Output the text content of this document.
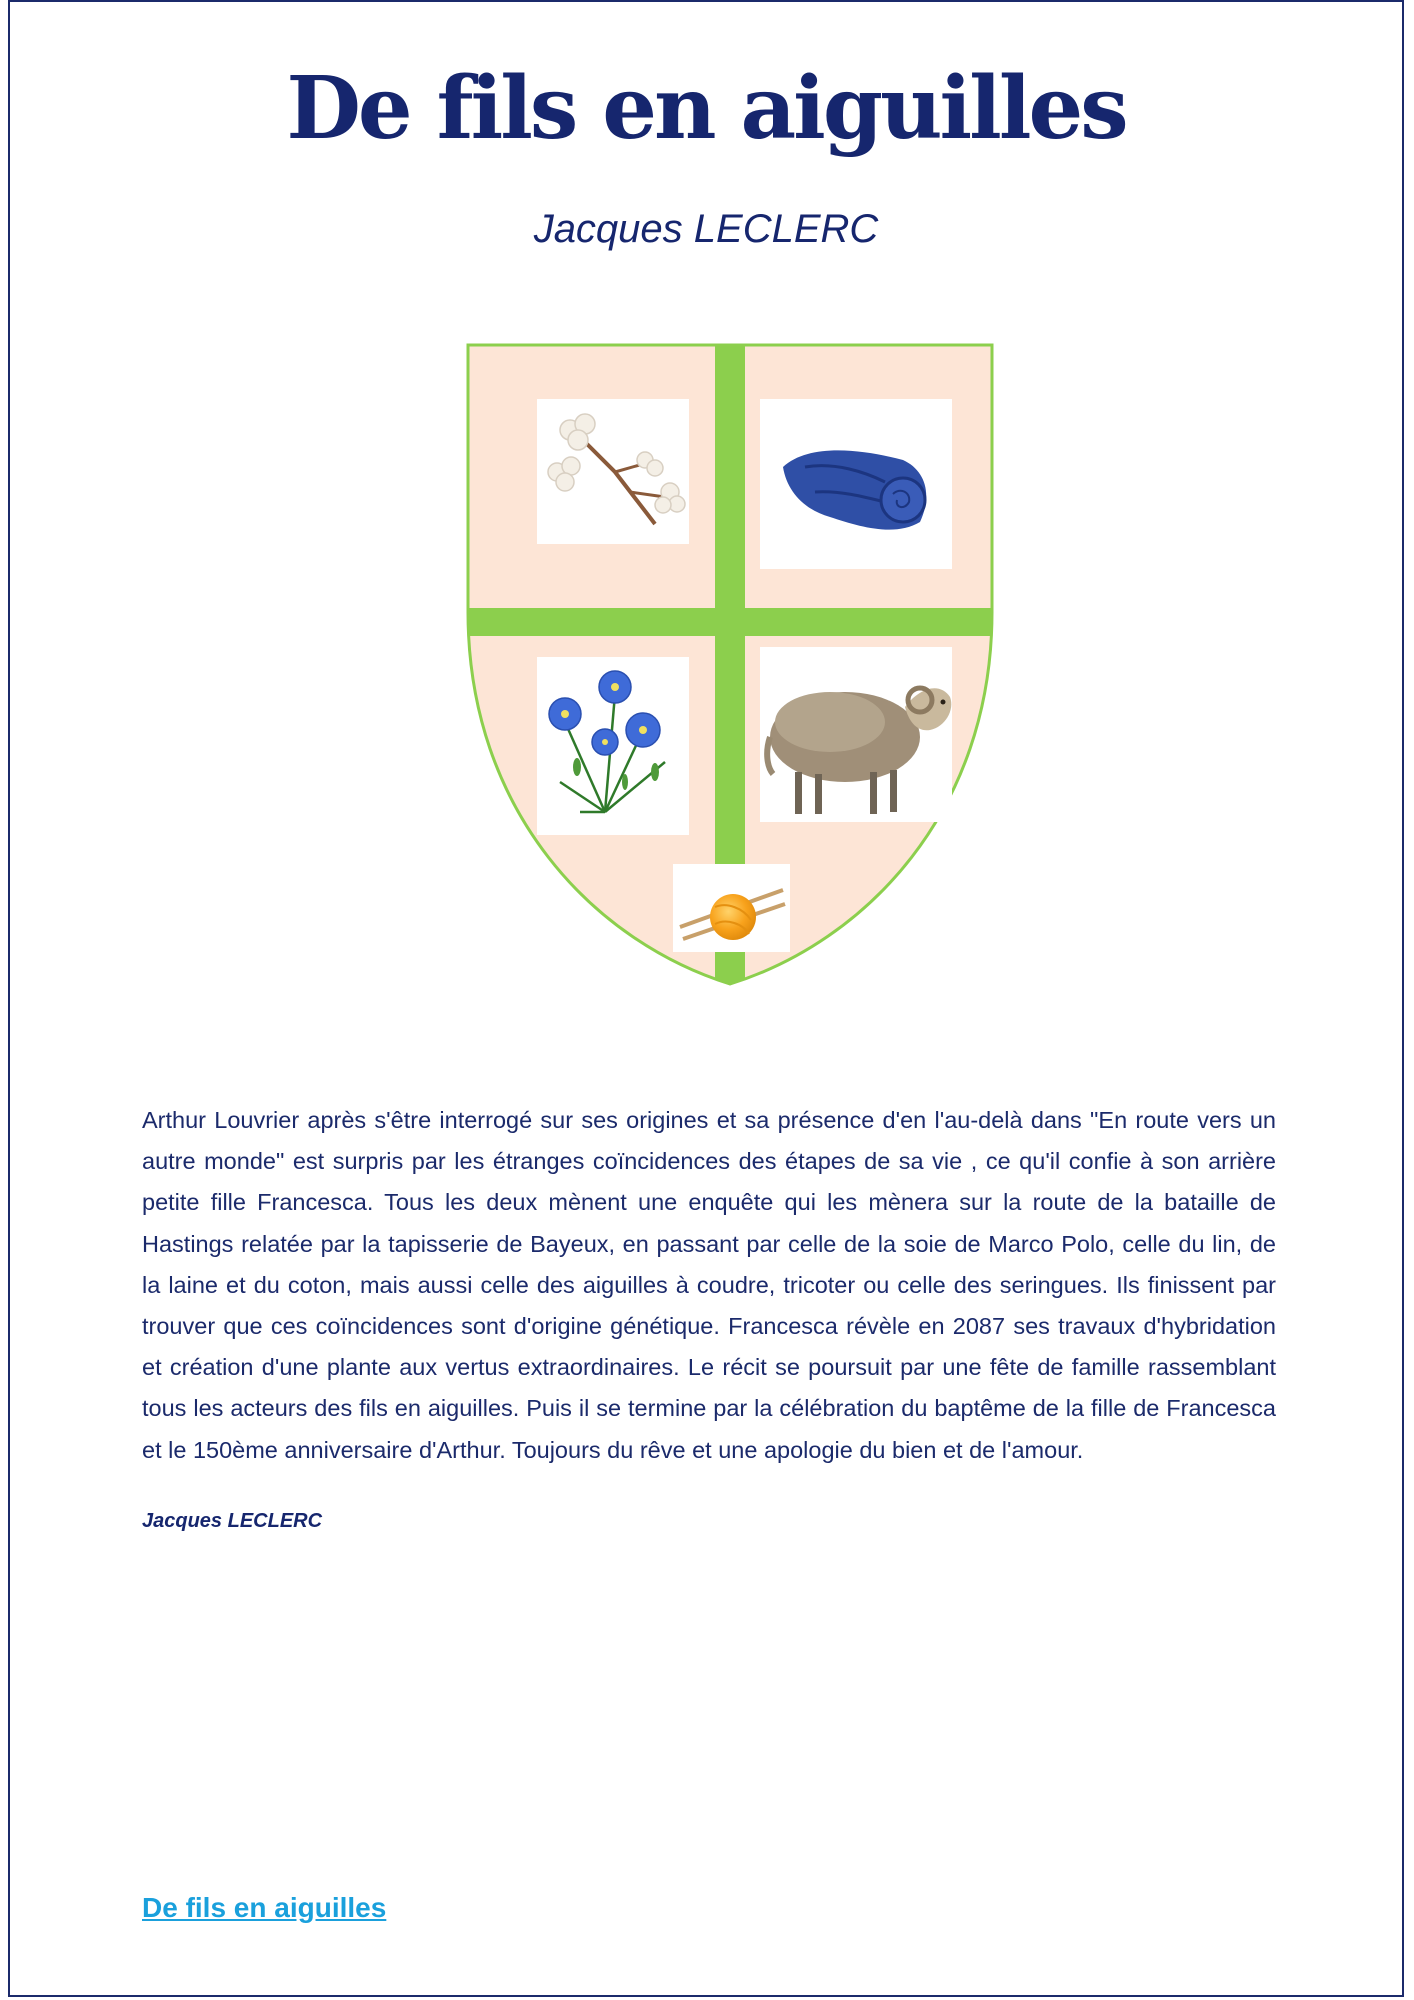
De fils en aiguilles

Jacques LECLERC

Arthur Louvrier après s'être interrogé sur ses origines et sa présence d'en l'au-delà dans "En route vers un autre monde" est surpris par les étranges coïncidences des étapes de sa vie , ce qu'il confie à son arrière petite fille Francesca. Tous les deux mènent une enquête qui les mènera sur la route de la bataille de Hastings relatée par la tapisserie de Bayeux, en passant par celle de la soie de Marco Polo, celle du lin, de la laine et du coton, mais aussi celle des aiguilles à coudre, tricoter ou celle des seringues. Ils finissent par trouver que ces coïncidences sont d'origine génétique. Francesca révèle en 2087 ses travaux d'hybridation et création d'une plante aux vertus extraordinaires. Le récit se poursuit par une fête de famille rassemblant tous les acteurs des fils en aiguilles. Puis il se termine par la célébration du baptême de la fille de Francesca et le 150ème anniversaire d'Arthur. Toujours du rêve et une apologie du bien et de l'amour.

Jacques LECLERC

De fils en aiguilles
